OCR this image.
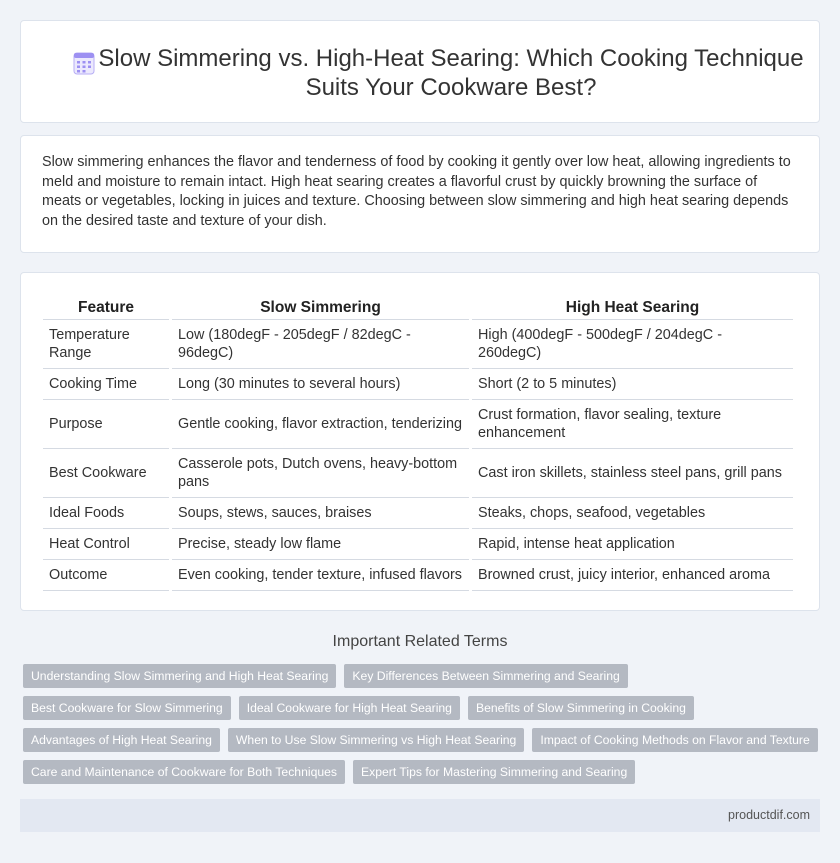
Slow Simmering vs. High-Heat Searing: Which Cooking Technique Suits Your Cookware Best?

Slow simmering enhances the flavor and tenderness of food by cooking it gently over low heat, allowing ingredients to meld and moisture to remain intact. High heat searing creates a flavorful crust by quickly browning the surface of meats or vegetables, locking in juices and texture. Choosing between slow simmering and high heat searing depends on the desired taste and texture of your dish.

Feature	Slow Simmering	High Heat Searing
Temperature Range	Low (180degF - 205degF / 82degC - 96degC)	High (400degF - 500degF / 204degC - 260degC)
Cooking Time	Long (30 minutes to several hours)	Short (2 to 5 minutes)
Purpose	Gentle cooking, flavor extraction, tenderizing	Crust formation, flavor sealing, texture enhancement
Best Cookware	Casserole pots, Dutch ovens, heavy-bottom pans	Cast iron skillets, stainless steel pans, grill pans
Ideal Foods	Soups, stews, sauces, braises	Steaks, chops, seafood, vegetables
Heat Control	Precise, steady low flame	Rapid, intense heat application
Outcome	Even cooking, tender texture, infused flavors	Browned crust, juicy interior, enhanced aroma
Important Related Terms
Understanding Slow Simmering and High Heat Searing	Key Differences Between Simmering and Searing
Best Cookware for Slow Simmering	Ideal Cookware for High Heat Searing	Benefits of Slow Simmering in Cooking
Advantages of High Heat Searing	When to Use Slow Simmering vs High Heat Searing	Impact of Cooking Methods on Flavor and Texture
Care and Maintenance of Cookware for Both Techniques	Expert Tips for Mastering Simmering and Searing
productdif.com
